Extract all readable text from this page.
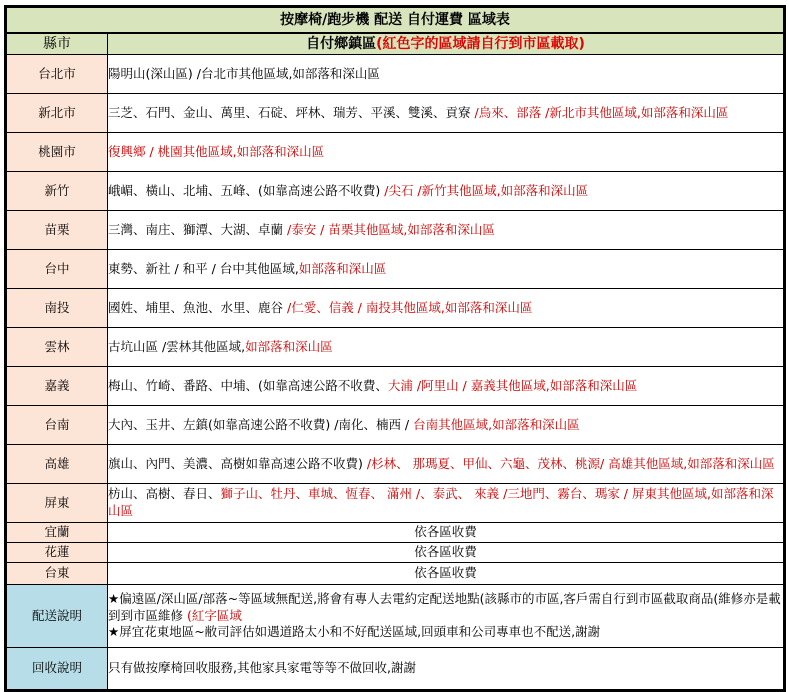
按摩椅/跑步機 配送 自付運費 區域表	
縣市	自付鄉鎮區(紅色字的區域請自行到市區載取)
台北市	陽明山(深山區) /台北市其他區域,如部落和深山區
新北市	三芝、石門、金山、萬里、石碇、坪林、瑞芳、平溪、雙溪、貢寮 /烏來、部落 /新北市其他區域,如部落和深山區
桃園市	復興鄉 / 桃園其他區域,如部落和深山區
新竹	峨嵋、橫山、北埔、五峰、(如靠高速公路不收費) /尖石 /新竹其他區域,如部落和深山區
苗栗	三灣、南庄、獅潭、大湖、卓蘭 /泰安 / 苗栗其他區域,如部落和深山區
台中	東勢、新社 / 和平 / 台中其他區域,如部落和深山區
南投	國姓、埔里、魚池、水里、鹿谷 /仁愛、信義 / 南投其他區域,如部落和深山區
雲林	古坑山區 /雲林其他區域,如部落和深山區
嘉義	梅山、竹崎、番路、中埔、(如靠高速公路不收費、大浦 /阿里山 / 嘉義其他區域,如部落和深山區
台南	大內、玉井、左鎮(如靠高速公路不收費) /南化、楠西 / 台南其他區域,如部落和深山區
高雄	旗山、內門、美濃、高樹如靠高速公路不收費) /杉林、 那瑪夏、甲仙、六龜、茂林、桃源/ 高雄其他區域,如部落和深山區
屏東	枋山、高樹、春日、獅子山、牡丹、車城、恆春、 滿州 /、泰武、 來義 /三地門、霧台、瑪家 / 屏東其他區域,如部落和深山區
宜蘭	依各區收費
花蓮	依各區收費
台東	依各區收費
配送說明	★偏遠區/深山區/部落~等區域無配送,將會有專人去電約定配送地點(該縣市的市區,客戶需自行到市區截取商品(維修亦是載到到市區維修 (紅字區域
★屏宜花東地區~敝司評估如遇道路太小和不好配送區域,回頭車和公司專車也不配送,謝謝
回收說明	只有做按摩椅回收服務,其他家具家電等等不做回收,謝謝
